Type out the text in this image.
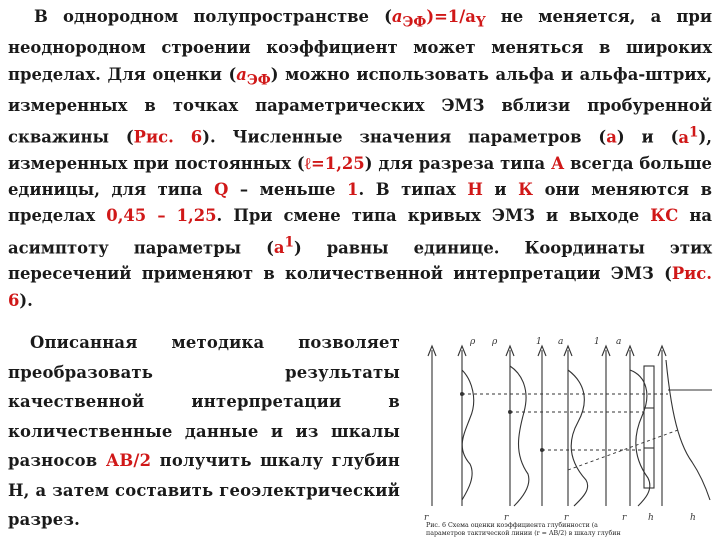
В однородном полупространстве $(a_{ЭФ})=1/a_Y$ не меняется, а при неоднородном строении коэффициент может меняться в широких пределах. Для оценки $(a_{ЭФ})$ можно использовать альфа и альфа-штрих, измеренных в точках параметрических ЭМЗ вблизи пробуренной скважины (Рис. 6). Численные значения параметров (a) и $(a^1)$, измеренных при постоянных (ℓ=1,25) для разреза типа А всегда больше единицы, для типа Q – меньше 1. В типах Н и К они меняются в пределах 0,45 – 1,25. При смене типа кривых ЭМЗ и выходе КС на асимптоту параметры $(a^1)$ равны единице. Координаты этих пересечений применяют в количественной интерпретации ЭМЗ (Рис. 6).
Описанная методика позволяет преобразовать результаты качественной интерпретации в количественные данные и из шкалы разносов АВ/2 получить шкалу глубин Н, а затем составить геоэлектрический разрез.
ρ ρ	1 a	1 a
r	r	r	r h	h
Рис. 6 Схема оценки коэффициента глубинности (a
параметров тактической линии (r = AB/2) в шкалу глубин
